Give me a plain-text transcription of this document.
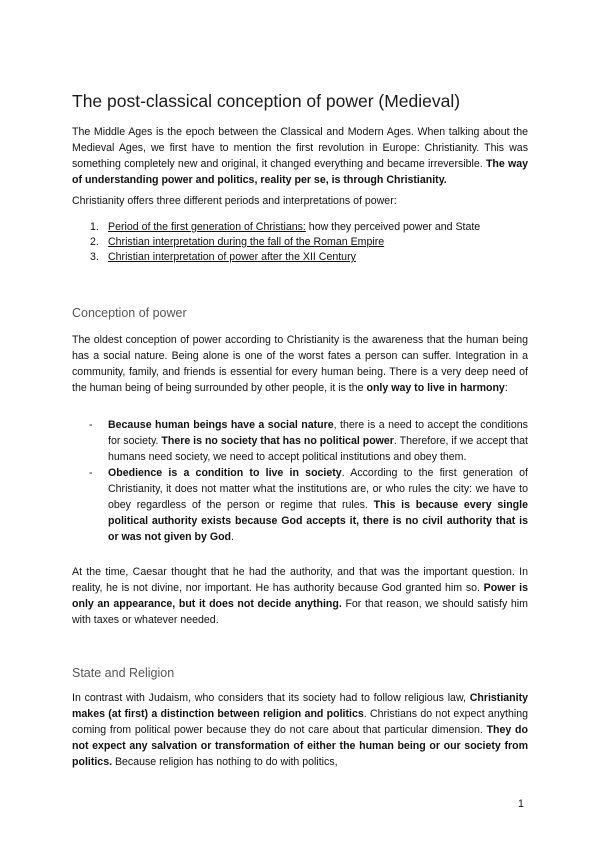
The post-classical conception of power (Medieval)

The Middle Ages is the epoch between the Classical and Modern Ages. When talking about the Medieval Ages, we first have to mention the first revolution in Europe: Christianity. This was something completely new and original, it changed everything and became irreversible. The way of understanding power and politics, reality per se, is through Christianity.

Christianity offers three different periods and interpretations of power:

1. Period of the first generation of Christians: how they perceived power and State
2. Christian interpretation during the fall of the Roman Empire
3. Christian interpretation of power after the XII Century
Conception of power

The oldest conception of power according to Christianity is the awareness that the human being has a social nature. Being alone is one of the worst fates a person can suffer. Integration in a community, family, and friends is essential for every human being. There is a very deep need of the human being of being surrounded by other people, it is the only way to live in harmony:

- Because human beings have a social nature, there is a need to accept the conditions for society. There is no society that has no political power. Therefore, if we accept that humans need society, we need to accept political institutions and obey them.
- Obedience is a condition to live in society. According to the first generation of Christianity, it does not matter what the institutions are, or who rules the city: we have to obey regardless of the person or regime that rules. This is because every single political authority exists because God accepts it, there is no civil authority that is or was not given by God.

At the time, Caesar thought that he had the authority, and that was the important question. In reality, he is not divine, nor important. He has authority because God granted him so. Power is only an appearance, but it does not decide anything. For that reason, we should satisfy him with taxes or whatever needed.

State and Religion

In contrast with Judaism, who considers that its society had to follow religious law, Christianity makes (at first) a distinction between religion and politics. Christians do not expect anything coming from political power because they do not care about that particular dimension. They do not expect any salvation or transformation of either the human being or our society from politics. Because religion has nothing to do with politics,

1
